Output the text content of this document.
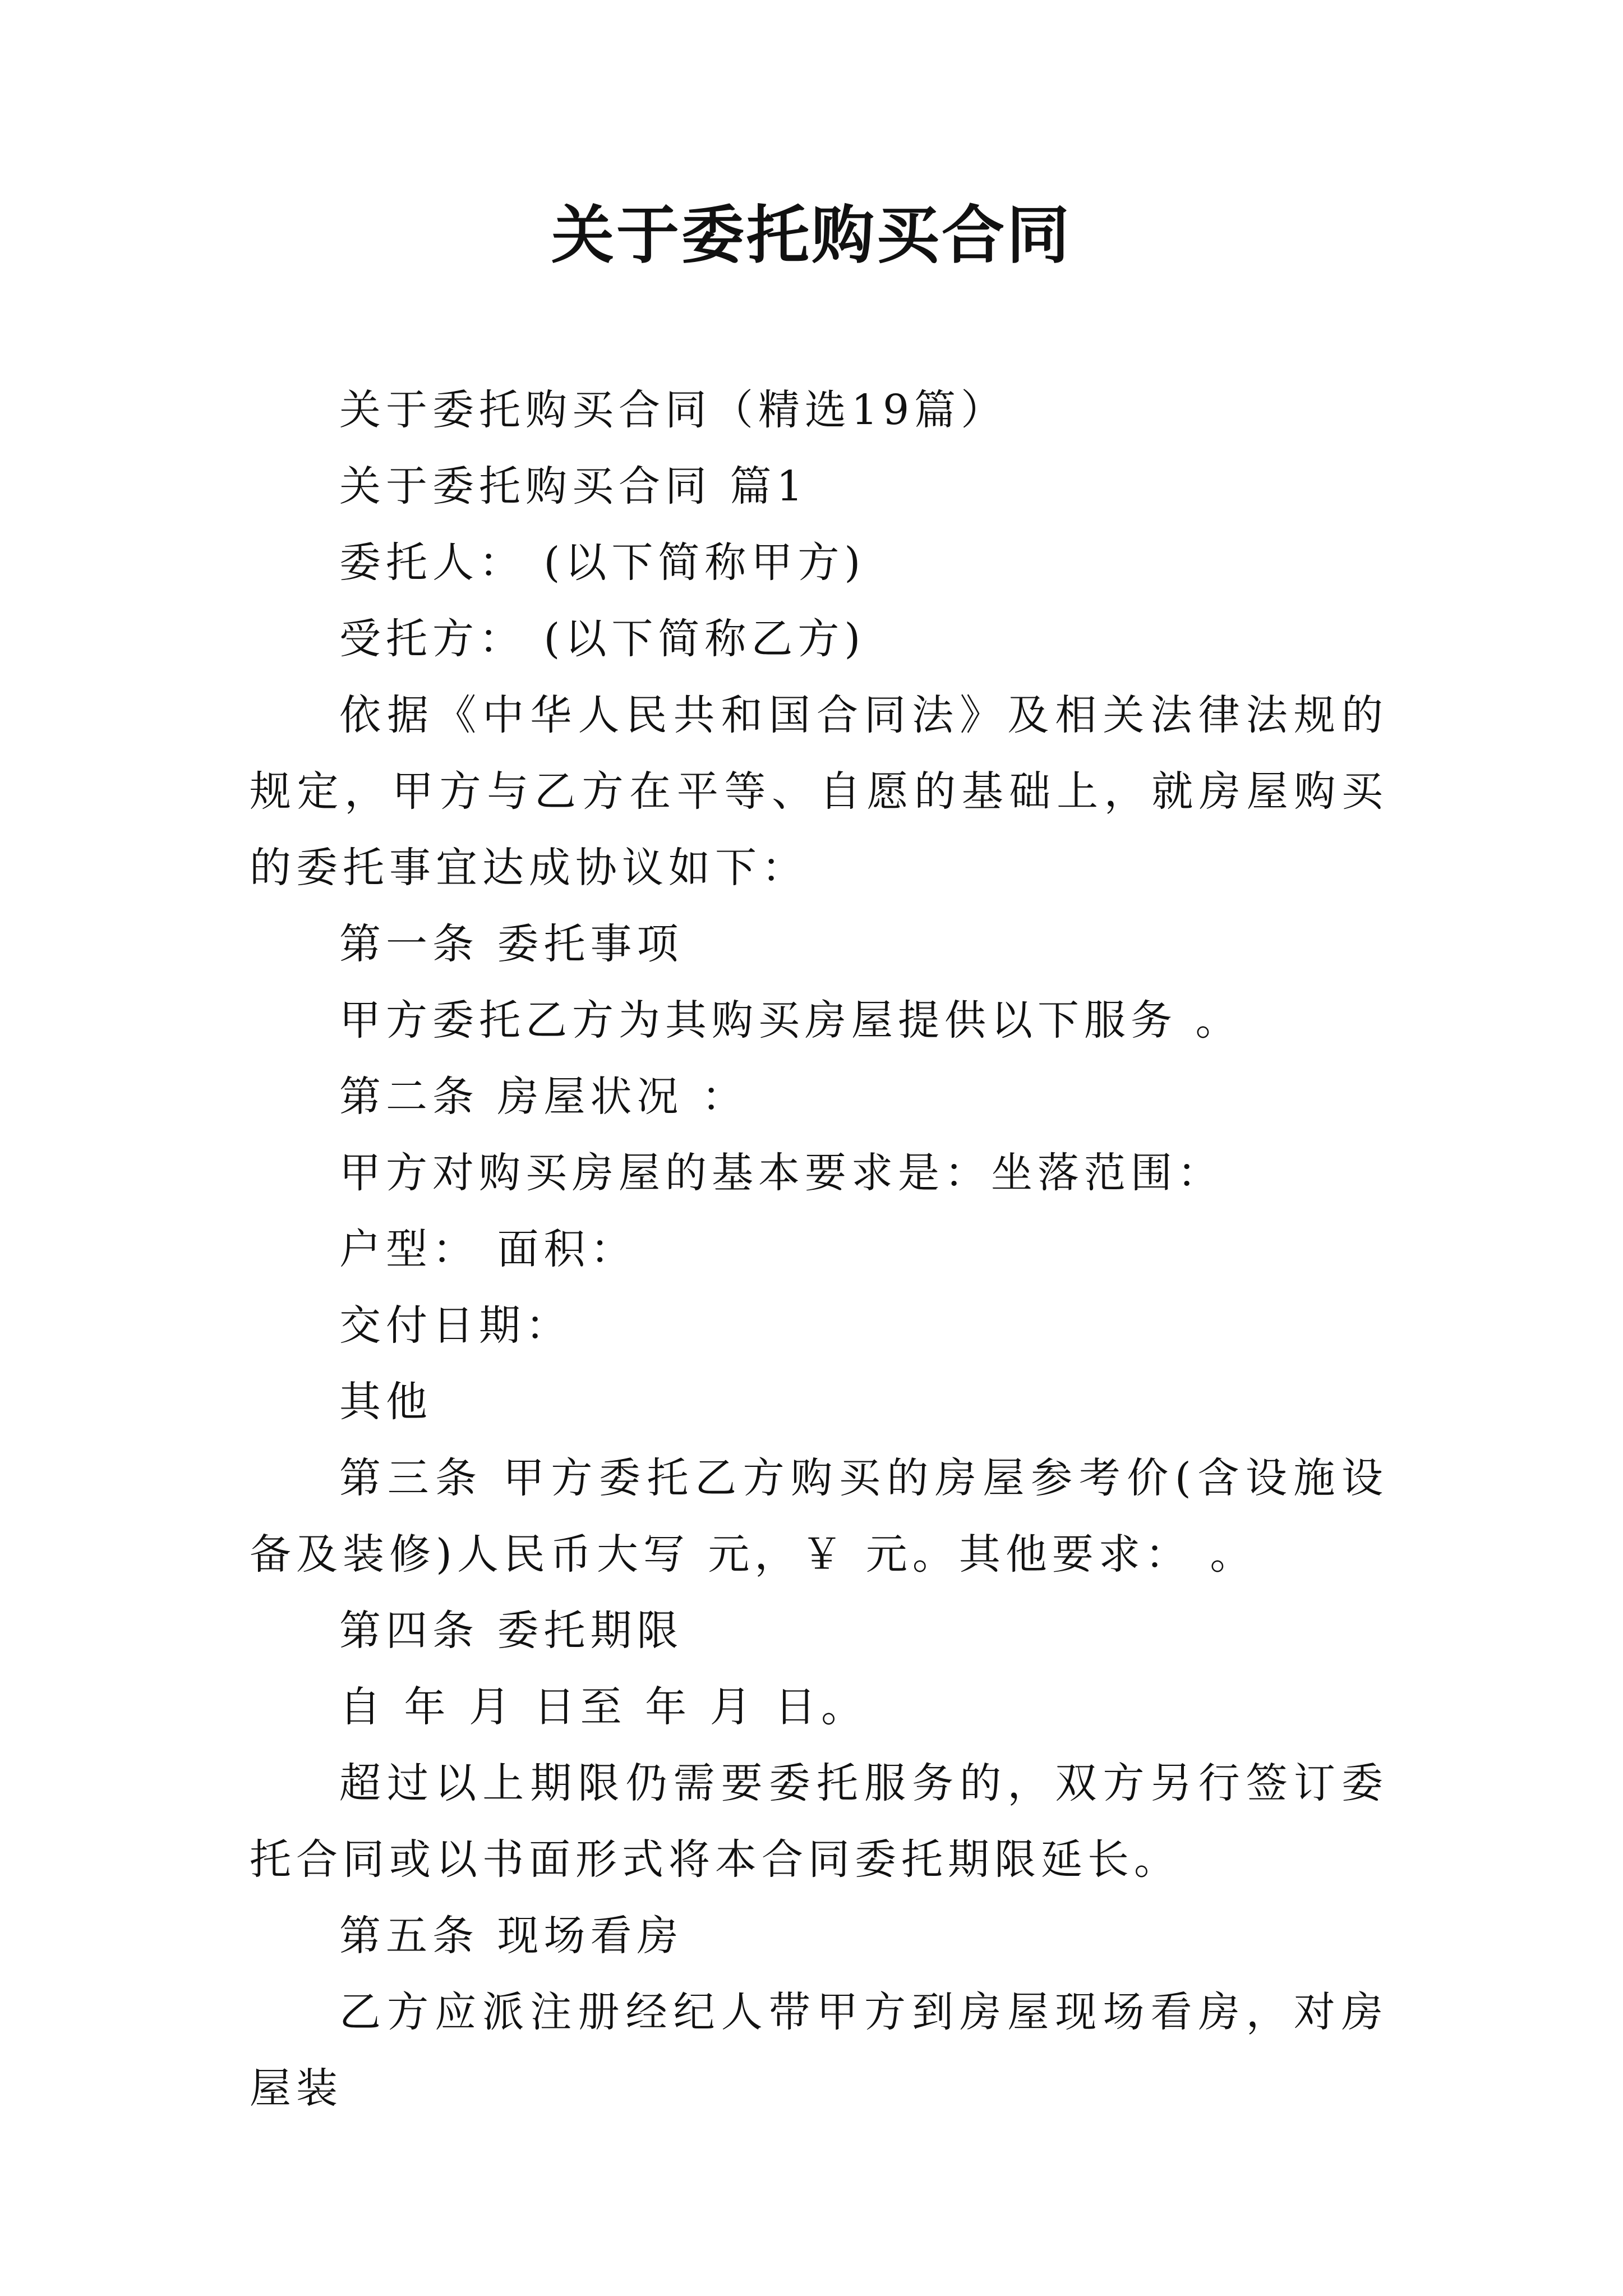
关于委托购买合同

关于委托购买合同（精选19篇）

关于委托购买合同 篇1

委托人： (以下简称甲方)

受托方： (以下简称乙方)

依据《中华人民共和国合同法》及相关法律法规的规定，甲方与乙方在平等、自愿的基础上，就房屋购买的委托事宜达成协议如下：

第一条 委托事项

甲方委托乙方为其购买房屋提供以下服务 。

第二条 房屋状况 ：

甲方对购买房屋的基本要求是：坐落范围：

户型： 面积：

交付日期：

其他

第三条 甲方委托乙方购买的房屋参考价(含设施设备及装修)人民币大写 元，￥ 元。其他要求： 。

第四条 委托期限

自 年 月 日至 年 月 日。

超过以上期限仍需要委托服务的，双方另行签订委托合同或以书面形式将本合同委托期限延长。

第五条 现场看房

乙方应派注册经纪人带甲方到房屋现场看房，对房屋装
